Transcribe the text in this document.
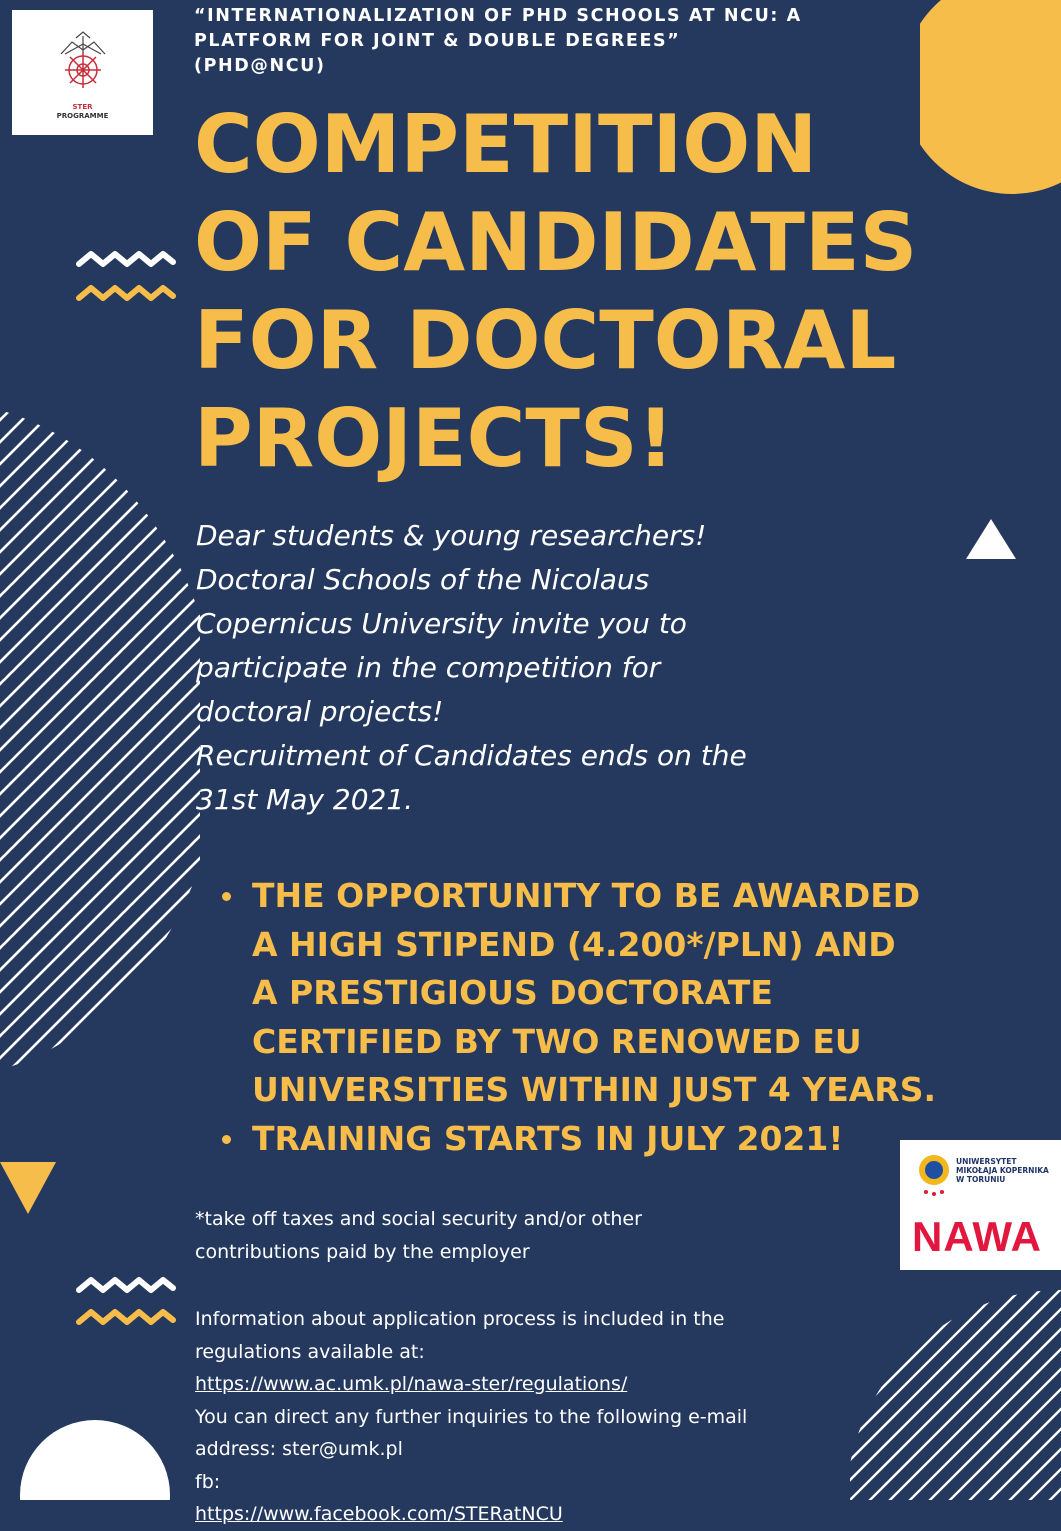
STER
PROGRAMME
UNIWERSYTET
MIKOŁAJA KOPERNIKA
W TORUNIU
NAWA
“INTERNATIONALIZATION OF PHD SCHOOLS AT NCU: A
PLATFORM FOR JOINT & DOUBLE DEGREES” (PHD@NCU)
COMPETITION
OF CANDIDATES
FOR DOCTORAL
PROJECTS!
Dear students & young researchers!
Doctoral Schools of the Nicolaus
Copernicus University invite you to
participate in the competition for
doctoral projects!
Recruitment of Candidates ends on the
31st May 2021.
THE OPPORTUNITY TO BE AWARDED
A HIGH STIPEND (4.200*/PLN) AND
A PRESTIGIOUS DOCTORATE
CERTIFIED BY TWO RENOWED EU
UNIVERSITIES WITHIN JUST 4 YEARS.
TRAINING STARTS IN JULY 2021!
*take off taxes and social security and/or other
contributions paid by the employer
Information about application process is included in the
regulations available at:
https://www.ac.umk.pl/nawa-ster/regulations/
You can direct any further inquiries to the following e-mail
address: ster@umk.pl
fb:
https://www.facebook.com/STERatNCU
